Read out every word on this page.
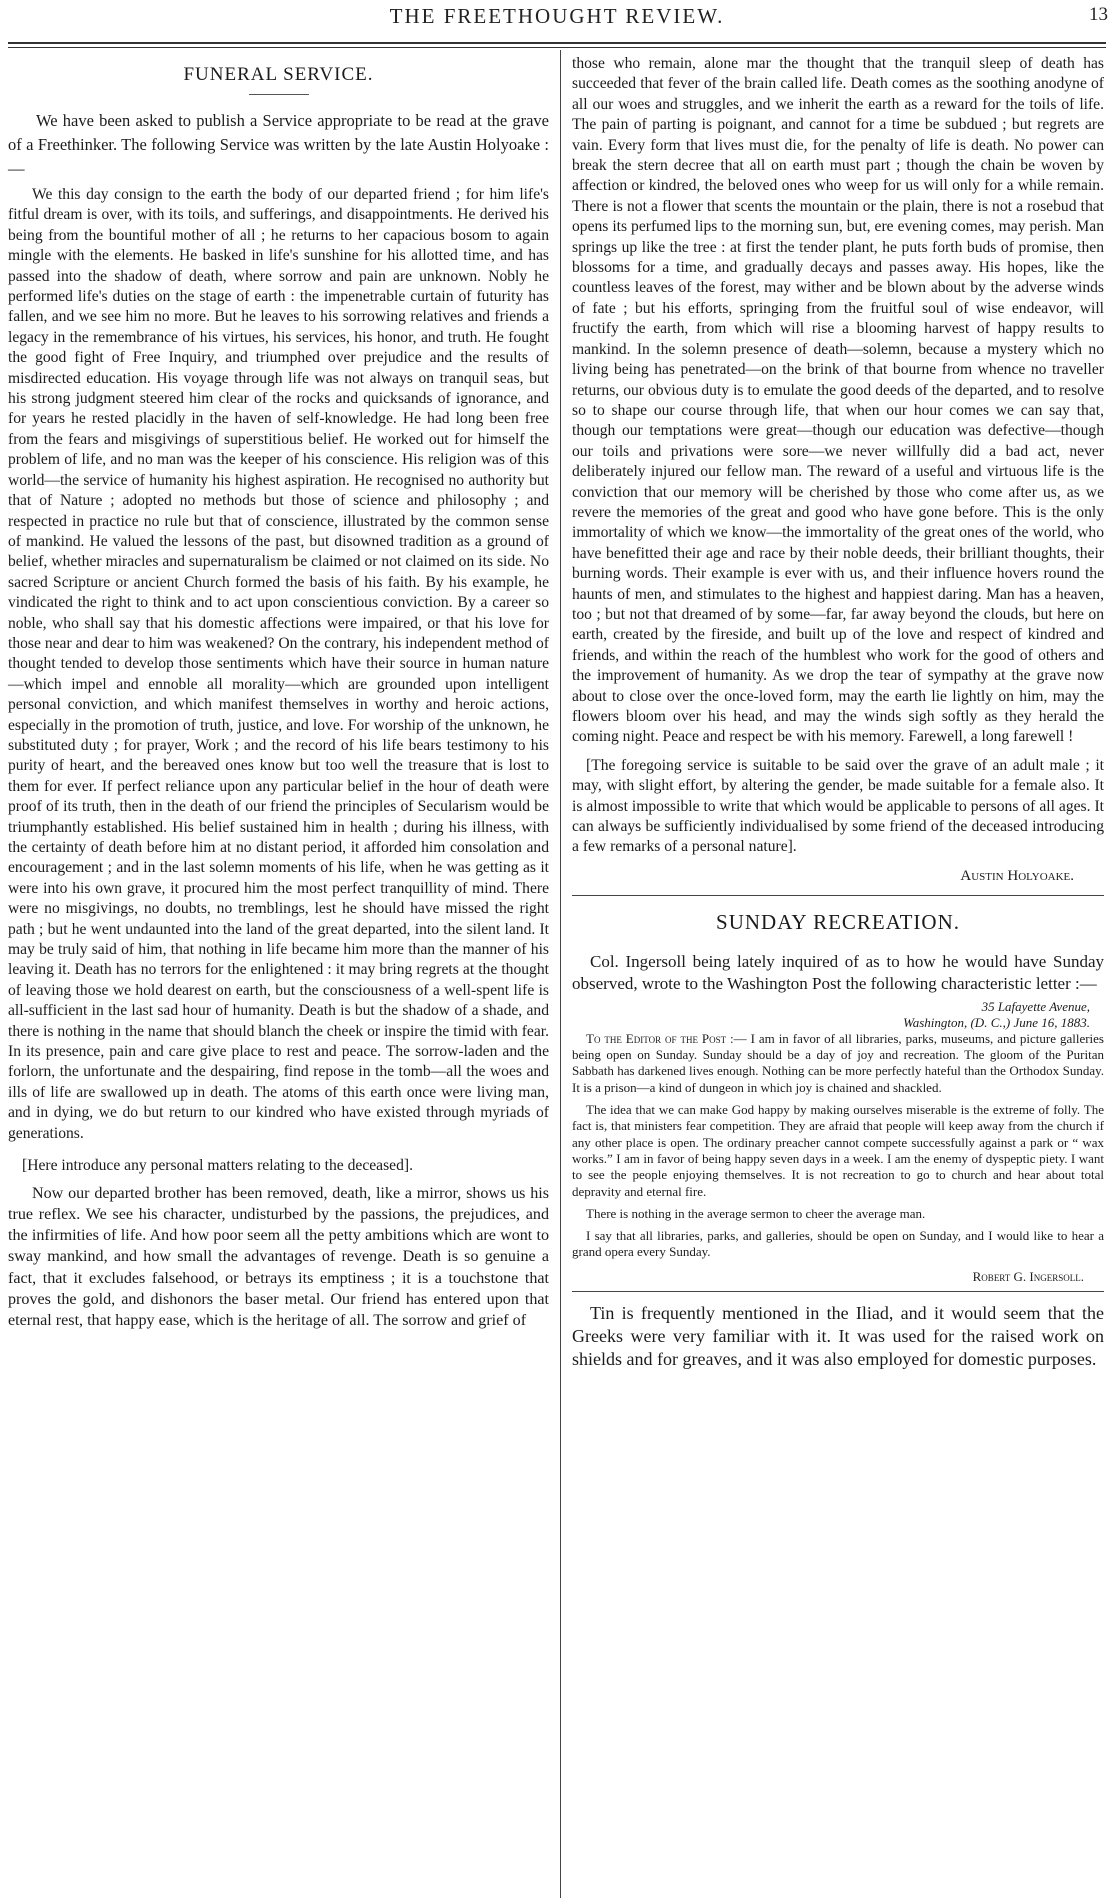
THE FREETHOUGHT REVIEW.	13
FUNERAL SERVICE.

We have been asked to publish a Service appropriate to be read at the grave of a Freethinker. The following Service was written by the late Austin Holyoake :—

We this day consign to the earth the body of our departed friend ; for him life's fitful dream is over, with its toils, and sufferings, and disappointments. He derived his being from the bountiful mother of all ; he returns to her capacious bosom to again mingle with the elements. He basked in life's sunshine for his allotted time, and has passed into the shadow of death, where sorrow and pain are unknown. Nobly he performed life's duties on the stage of earth : the impenetrable curtain of futurity has fallen, and we see him no more. But he leaves to his sorrowing relatives and friends a legacy in the remembrance of his virtues, his services, his honor, and truth. He fought the good fight of Free Inquiry, and triumphed over prejudice and the results of misdirected education. His voyage through life was not always on tranquil seas, but his strong judgment steered him clear of the rocks and quicksands of ignorance, and for years he rested placidly in the haven of self-knowledge. He had long been free from the fears and misgivings of superstitious belief. He worked out for himself the problem of life, and no man was the keeper of his conscience. His religion was of this world—the service of humanity his highest aspiration. He recognised no authority but that of Nature ; adopted no methods but those of science and philosophy ; and respected in practice no rule but that of conscience, illustrated by the common sense of mankind. He valued the lessons of the past, but disowned tradition as a ground of belief, whether miracles and supernaturalism be claimed or not claimed on its side. No sacred Scripture or ancient Church formed the basis of his faith. By his example, he vindicated the right to think and to act upon conscientious conviction. By a career so noble, who shall say that his domestic affections were impaired, or that his love for those near and dear to him was weakened? On the contrary, his independent method of thought tended to develop those sentiments which have their source in human nature—which impel and ennoble all morality—which are grounded upon intelligent personal conviction, and which manifest themselves in worthy and heroic actions, especially in the promotion of truth, justice, and love. For worship of the unknown, he substituted duty ; for prayer, Work ; and the record of his life bears testimony to his purity of heart, and the bereaved ones know but too well the treasure that is lost to them for ever. If perfect reliance upon any particular belief in the hour of death were proof of its truth, then in the death of our friend the principles of Secularism would be triumphantly established. His belief sustained him in health ; during his illness, with the certainty of death before him at no distant period, it afforded him consolation and encouragement ; and in the last solemn moments of his life, when he was getting as it were into his own grave, it procured him the most perfect tranquillity of mind. There were no misgivings, no doubts, no tremblings, lest he should have missed the right path ; but he went undaunted into the land of the great departed, into the silent land. It may be truly said of him, that nothing in life became him more than the manner of his leaving it. Death has no terrors for the enlightened : it may bring regrets at the thought of leaving those we hold dearest on earth, but the consciousness of a well-spent life is all-sufficient in the last sad hour of humanity. Death is but the shadow of a shade, and there is nothing in the name that should blanch the cheek or inspire the timid with fear. In its presence, pain and care give place to rest and peace. The sorrow-laden and the forlorn, the unfortunate and the despairing, find repose in the tomb—all the woes and ills of life are swallowed up in death. The atoms of this earth once were living man, and in dying, we do but return to our kindred who have existed through myriads of generations.

[Here introduce any personal matters relating to the deceased].

Now our departed brother has been removed, death, like a mirror, shows us his true reflex. We see his character, undisturbed by the passions, the prejudices, and the infirmities of life. And how poor seem all the petty ambitions which are wont to sway mankind, and how small the advantages of revenge. Death is so genuine a fact, that it excludes falsehood, or betrays its emptiness ; it is a touchstone that proves the gold, and dishonors the baser metal. Our friend has entered upon that eternal rest, that happy ease, which is the heritage of all. The sorrow and grief of

those who remain, alone mar the thought that the tranquil sleep of death has succeeded that fever of the brain called life. Death comes as the soothing anodyne of all our woes and struggles, and we inherit the earth as a reward for the toils of life. The pain of parting is poignant, and cannot for a time be subdued ; but regrets are vain. Every form that lives must die, for the penalty of life is death. No power can break the stern decree that all on earth must part ; though the chain be woven by affection or kindred, the beloved ones who weep for us will only for a while remain. There is not a flower that scents the mountain or the plain, there is not a rosebud that opens its perfumed lips to the morning sun, but, ere evening comes, may perish. Man springs up like the tree : at first the tender plant, he puts forth buds of promise, then blossoms for a time, and gradually decays and passes away. His hopes, like the countless leaves of the forest, may wither and be blown about by the adverse winds of fate ; but his efforts, springing from the fruitful soul of wise endeavor, will fructify the earth, from which will rise a blooming harvest of happy results to mankind. In the solemn presence of death—solemn, because a mystery which no living being has penetrated—on the brink of that bourne from whence no traveller returns, our obvious duty is to emulate the good deeds of the departed, and to resolve so to shape our course through life, that when our hour comes we can say that, though our temptations were great—though our education was defective—though our toils and privations were sore—we never willfully did a bad act, never deliberately injured our fellow man. The reward of a useful and virtuous life is the conviction that our memory will be cherished by those who come after us, as we revere the memories of the great and good who have gone before. This is the only immortality of which we know—the immortality of the great ones of the world, who have benefitted their age and race by their noble deeds, their brilliant thoughts, their burning words. Their example is ever with us, and their influence hovers round the haunts of men, and stimulates to the highest and happiest daring. Man has a heaven, too ; but not that dreamed of by some—far, far away beyond the clouds, but here on earth, created by the fireside, and built up of the love and respect of kindred and friends, and within the reach of the humblest who work for the good of others and the improvement of humanity. As we drop the tear of sympathy at the grave now about to close over the once-loved form, may the earth lie lightly on him, may the flowers bloom over his head, and may the winds sigh softly as they herald the coming night. Peace and respect be with his memory. Farewell, a long farewell !

[The foregoing service is suitable to be said over the grave of an adult male ; it may, with slight effort, by altering the gender, be made suitable for a female also. It is almost impossible to write that which would be applicable to persons of all ages. It can always be sufficiently individualised by some friend of the deceased introducing a few remarks of a personal nature].

Austin Holyoake.
SUNDAY RECREATION.

Col. Ingersoll being lately inquired of as to how he would have Sunday observed, wrote to the Washington Post the following characteristic letter :—

35 Lafayette Avenue,
Washington, (D. C.,) June 16, 1883.

To the Editor of the Post :— I am in favor of all libraries, parks, museums, and picture galleries being open on Sunday. Sunday should be a day of joy and recreation. The gloom of the Puritan Sabbath has darkened lives enough. Nothing can be more perfectly hateful than the Orthodox Sunday. It is a prison—a kind of dungeon in which joy is chained and shackled.

The idea that we can make God happy by making ourselves miserable is the extreme of folly. The fact is, that ministers fear competition. They are afraid that people will keep away from the church if any other place is open. The ordinary preacher cannot compete successfully against a park or “ wax works.” I am in favor of being happy seven days in a week. I am the enemy of dyspeptic piety. I want to see the people enjoying themselves. It is not recreation to go to church and hear about total depravity and eternal fire.

There is nothing in the average sermon to cheer the average man.

I say that all libraries, parks, and galleries, should be open on Sunday, and I would like to hear a grand opera every Sunday.

Robert G. Ingersoll.

Tin is frequently mentioned in the Iliad, and it would seem that the Greeks were very familiar with it. It was used for the raised work on shields and for greaves, and it was also employed for domestic purposes.
